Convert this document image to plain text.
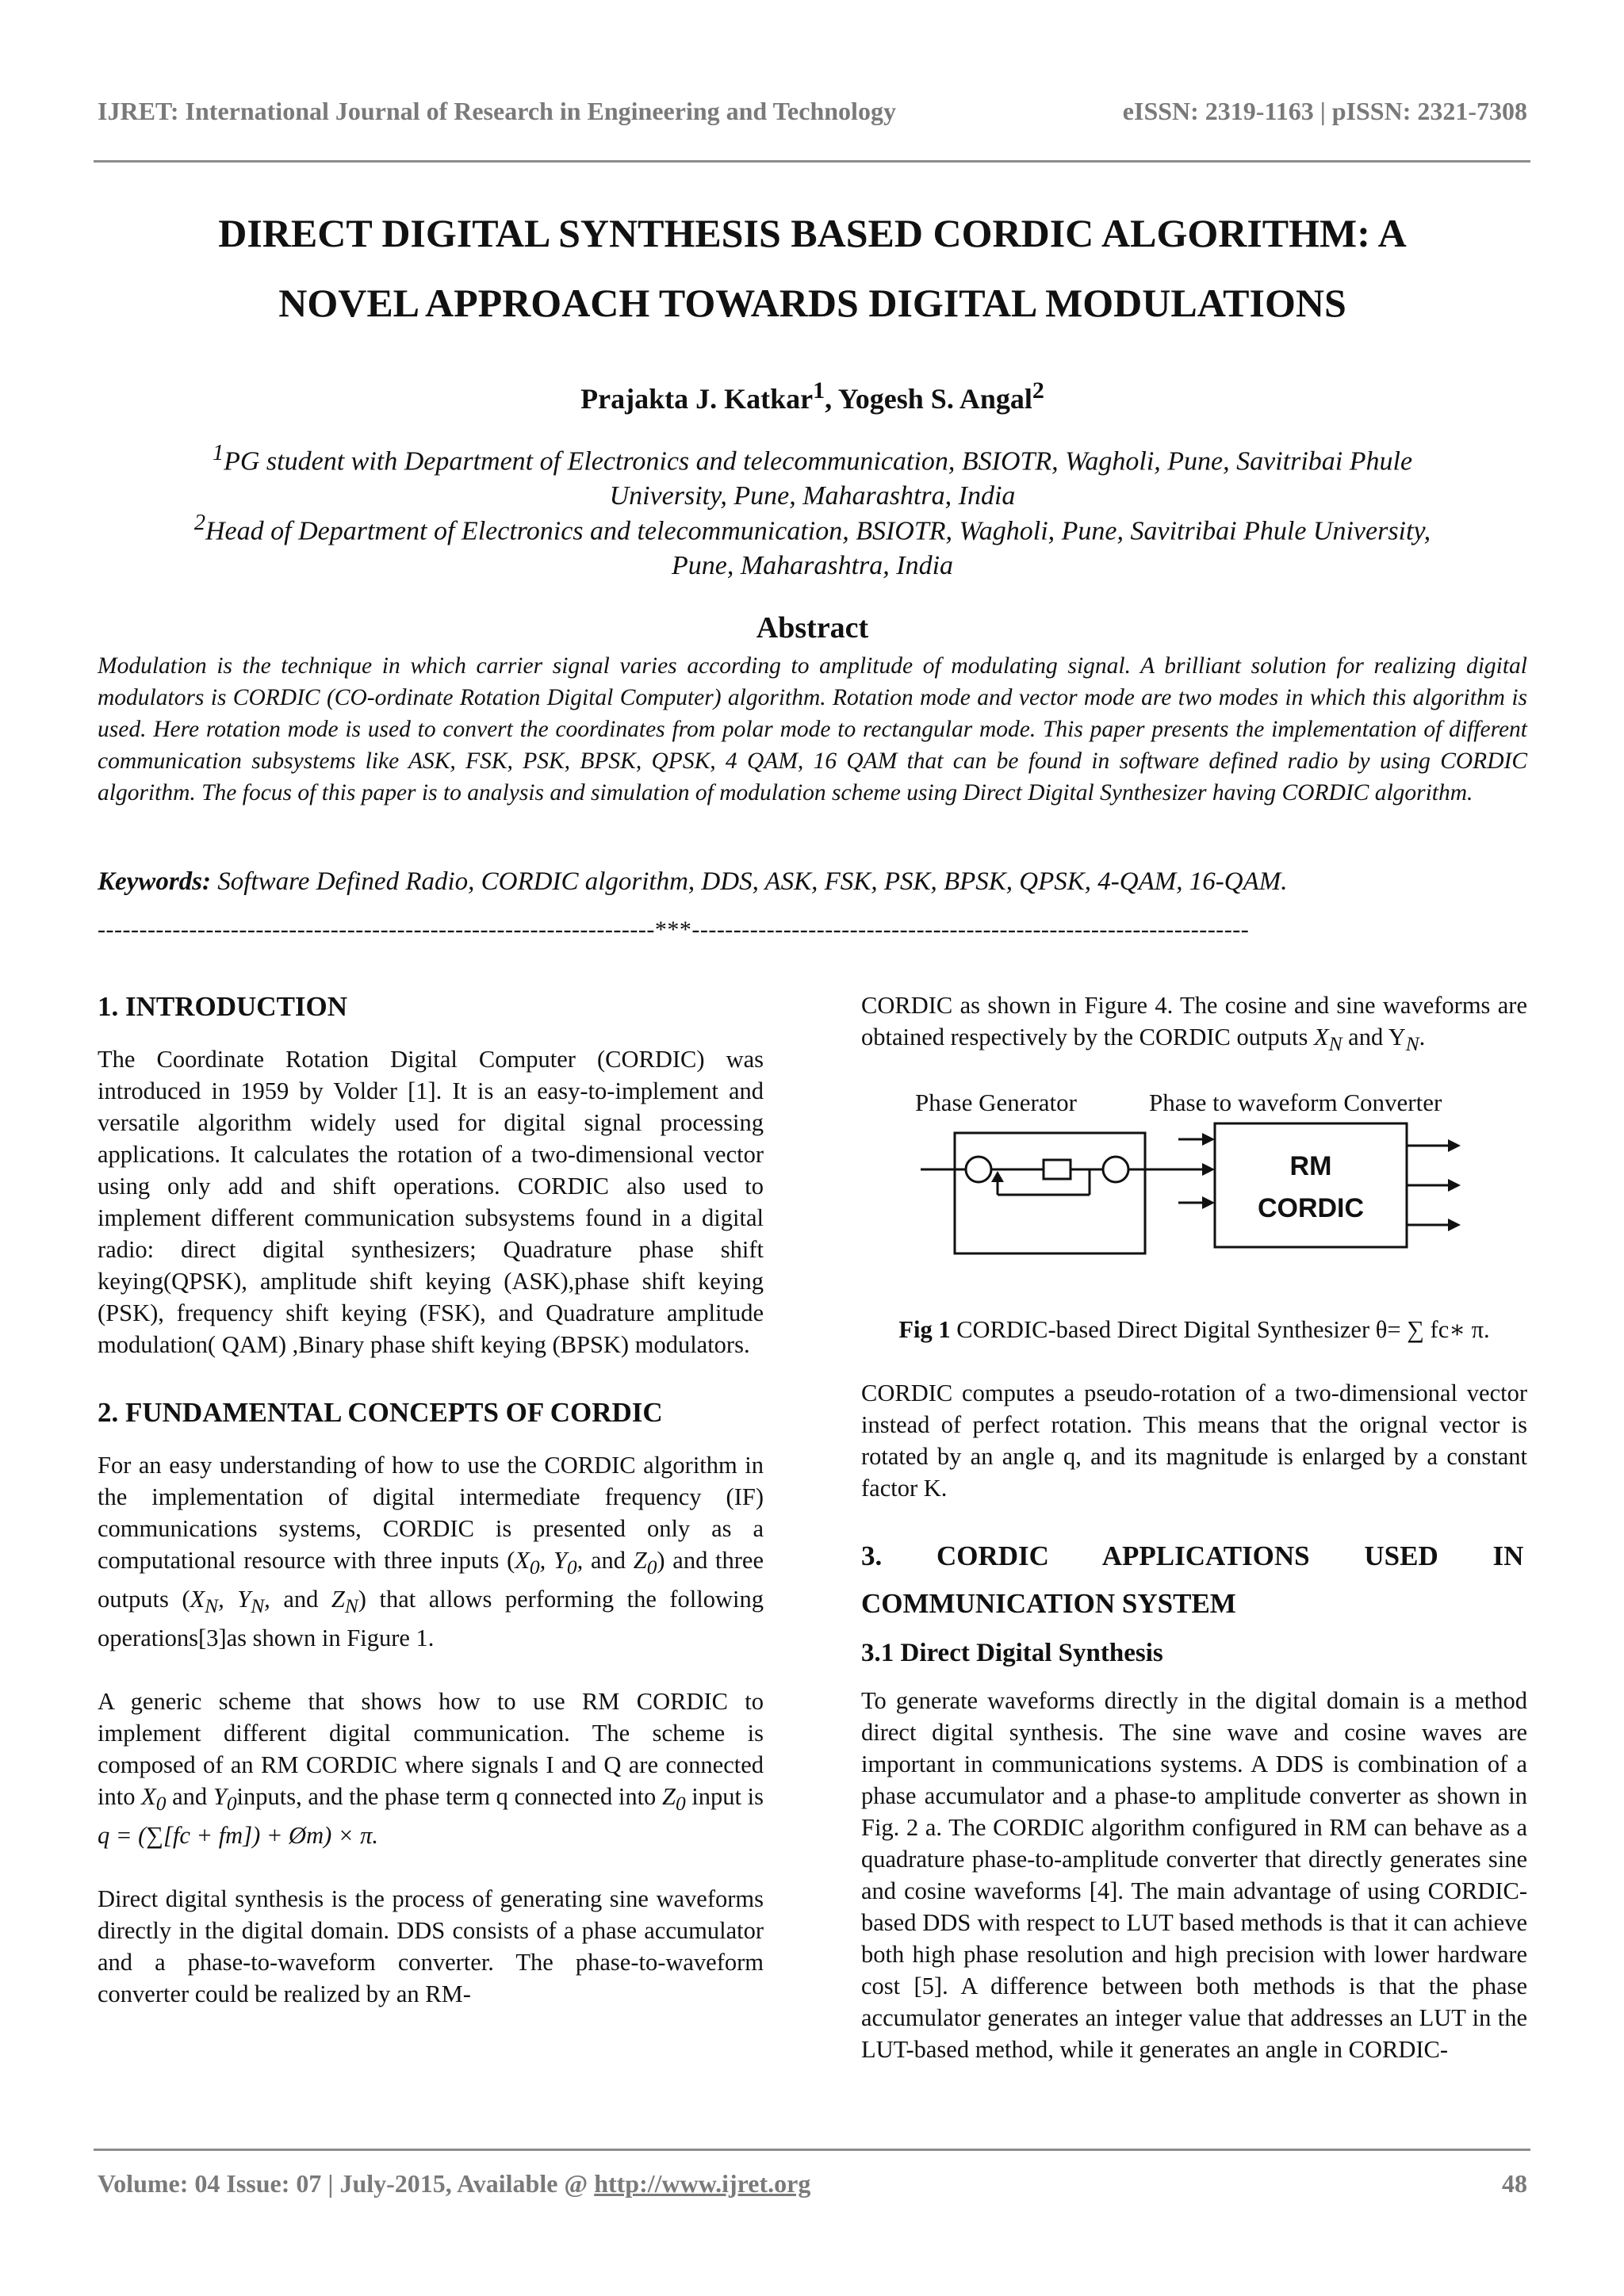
IJRET: International Journal of Research in Engineering and Technology	eISSN: 2319-1163 | pISSN: 2321-7308
DIRECT DIGITAL SYNTHESIS BASED CORDIC ALGORITHM: A
NOVEL APPROACH TOWARDS DIGITAL MODULATIONS
Prajakta J. Katkar$^1$, Yogesh S. Angal$^2$
$^1$PG student with Department of Electronics and telecommunication, BSIOTR, Wagholi, Pune, Savitribai Phule
University, Pune, Maharashtra, India
$^2$Head of Department of Electronics and telecommunication, BSIOTR, Wagholi, Pune, Savitribai Phule University,
Pune, Maharashtra, India
Abstract
Modulation is the technique in which carrier signal varies according to amplitude of modulating signal. A brilliant solution for realizing digital modulators is CORDIC (CO-ordinate Rotation Digital Computer) algorithm. Rotation mode and vector mode are two modes in which this algorithm is used. Here rotation mode is used to convert the coordinates from polar mode to rectangular mode. This paper presents the implementation of different communication subsystems like ASK, FSK, PSK, BPSK, QPSK, 4 QAM, 16 QAM that can be found in software defined radio by using CORDIC algorithm. The focus of this paper is to analysis and simulation of modulation scheme using Direct Digital Synthesizer having CORDIC algorithm.
Keywords: Software Defined Radio, CORDIC algorithm, DDS, ASK, FSK, PSK, BPSK, QPSK, 4-QAM, 16-QAM.
-------------------------------------------------------------------***-------------------------------------------------------------------
1. INTRODUCTION

The Coordinate Rotation Digital Computer (CORDIC) was introduced in 1959 by Volder [1]. It is an easy-to-implement and versatile algorithm widely used for digital signal processing applications. It calculates the rotation of a two-dimensional vector using only add and shift operations. CORDIC also used to implement different communication subsystems found in a digital radio: direct digital synthesizers; Quadrature phase shift keying(QPSK), amplitude shift keying (ASK),phase shift keying (PSK), frequency shift keying (FSK), and Quadrature amplitude modulation( QAM) ,Binary phase shift keying (BPSK) modulators.

2. FUNDAMENTAL CONCEPTS OF CORDIC

For an easy understanding of how to use the CORDIC algorithm in the implementation of digital intermediate frequency (IF) communications systems, CORDIC is presented only as a computational resource with three inputs ($X_0$, $Y_0$, and $Z_0$) and three outputs ($X_N$, $Y_N$, and $Z_N$) that allows performing the following operations[3]as shown in Figure 1.

A generic scheme that shows how to use RM CORDIC to implement different digital communication. The scheme is composed of an RM CORDIC where signals I and Q are connected into $X_0$ and $Y_0inputs$, and the phase term q connected into $Z_0$ input is q = (∑[fc + fm]) + Øm) × π.

Direct digital synthesis is the process of generating sine waveforms directly in the digital domain. DDS consists of a phase accumulator and a phase-to-waveform converter. The phase-to-waveform converter could be realized by an RM-

CORDIC as shown in Figure 4. The cosine and sine waveforms are obtained respectively by the CORDIC outputs $X_N$ and $Y_N$.

Phase Generator	Phase to waveform Converter
RM
CORDIC

Fig 1 CORDIC-based Direct Digital Synthesizer θ= ∑ fc∗ π.

CORDIC computes a pseudo-rotation of a two-dimensional vector instead of perfect rotation. This means that the orignal vector is rotated by an angle q, and its magnitude is enlarged by a constant factor K.

3. CORDIC APPLICATIONS USED IN
COMMUNICATION SYSTEM
3.1 Direct Digital Synthesis

To generate waveforms directly in the digital domain is a method direct digital synthesis. The sine wave and cosine waves are important in communications systems. A DDS is combination of a phase accumulator and a phase-to amplitude converter as shown in Fig. 2 a. The CORDIC algorithm configured in RM can behave as a quadrature phase-to-amplitude converter that directly generates sine and cosine waveforms [4]. The main advantage of using CORDIC-based DDS with respect to LUT based methods is that it can achieve both high phase resolution and high precision with lower hardware cost [5]. A difference between both methods is that the phase accumulator generates an integer value that addresses an LUT in the LUT-based method, while it generates an angle in CORDIC-

Volume: 04 Issue: 07 | July-2015, Available @ http://www.ijret.org	48
